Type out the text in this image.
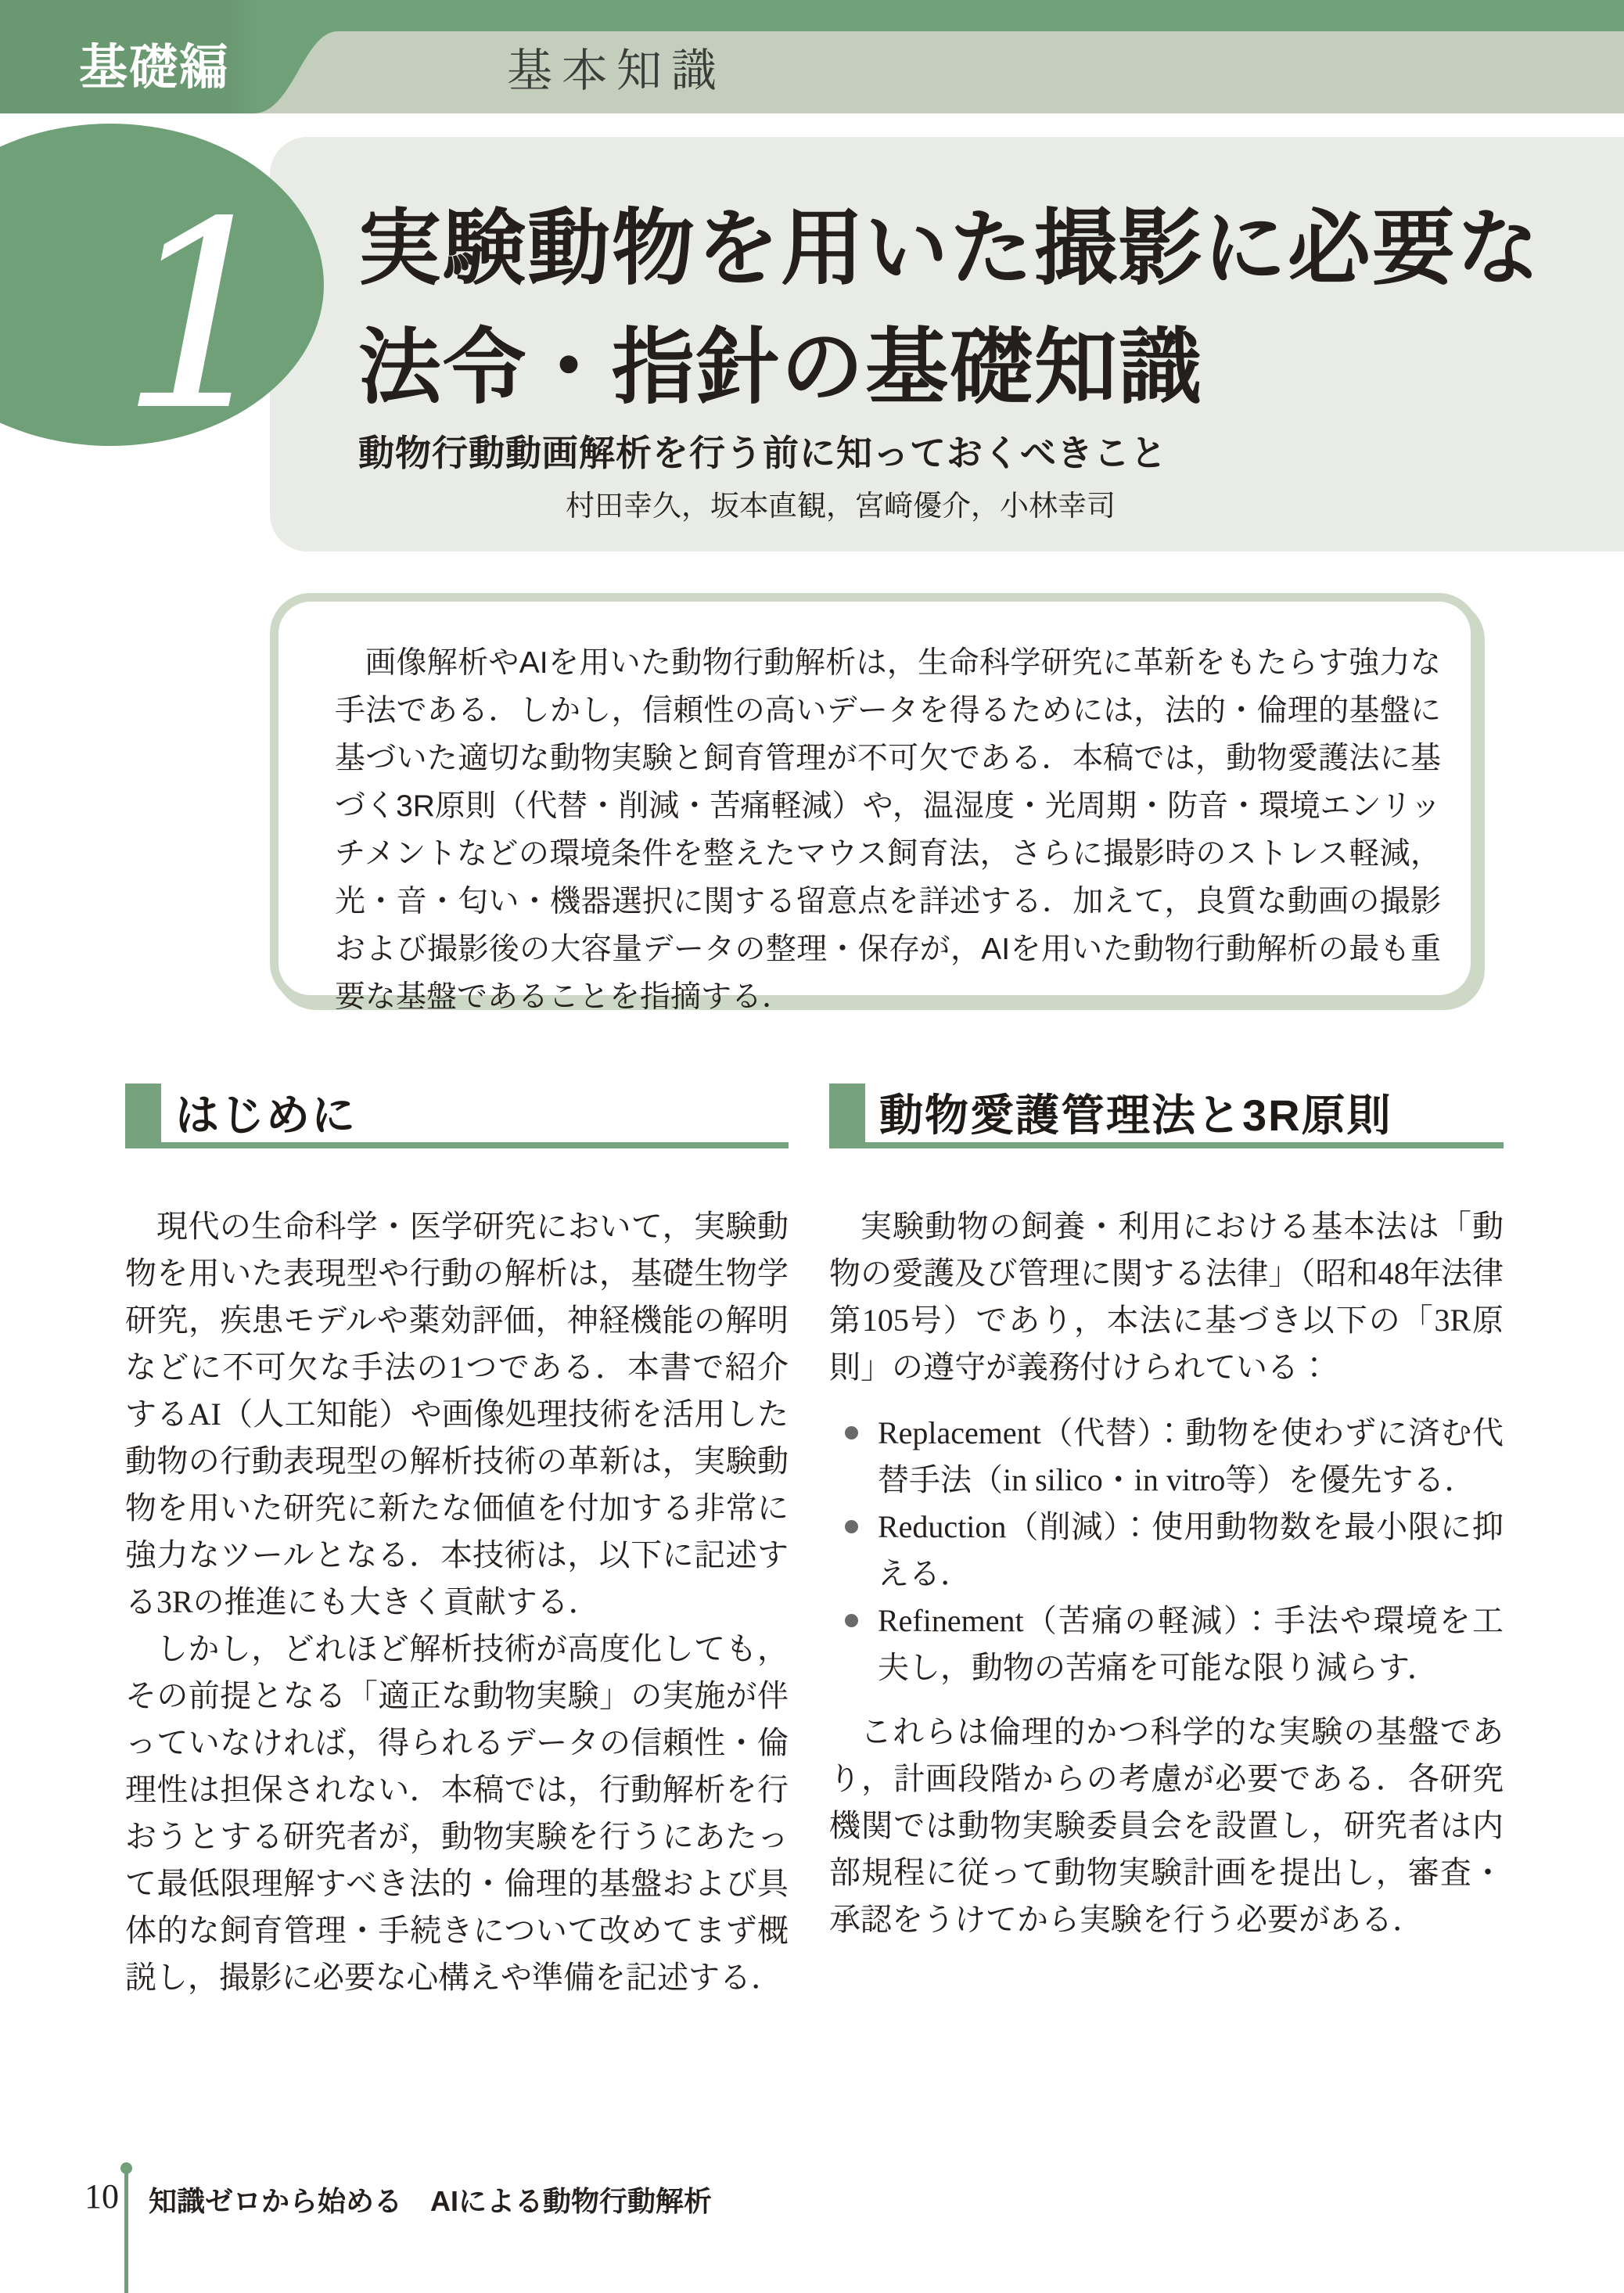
基礎編	基本知識
1 実験動物を用いた撮影に必要な
法令・指針の基礎知識

動物行動動画解析を行う前に知っておくべきこと

村田幸久，坂本直観，宮﨑優介，小林幸司

画像解析やAIを用いた動物行動解析は，生命科学研究に革新をもたらす強力な手法である．しかし，信頼性の高いデータを得るためには，法的・倫理的基盤に基づいた適切な動物実験と飼育管理が不可欠である．本稿では，動物愛護法に基づく3R原則（代替・削減・苦痛軽減）や，温湿度・光周期・防音・環境エンリッチメントなどの環境条件を整えたマウス飼育法，さらに撮影時のストレス軽減，光・音・匂い・機器選択に関する留意点を詳述する．加えて，良質な動画の撮影および撮影後の大容量データの整理・保存が，AIを用いた動物行動解析の最も重要な基盤であることを指摘する．

はじめに

現代の生命科学・医学研究において，実験動物を用いた表現型や行動の解析は，基礎生物学研究，疾患モデルや薬効評価，神経機能の解明などに不可欠な手法の1つである．本書で紹介するAI（人工知能）や画像処理技術を活用した動物の行動表現型の解析技術の革新は，実験動物を用いた研究に新たな価値を付加する非常に強力なツールとなる．本技術は，以下に記述する3Rの推進にも大きく貢献する．

しかし，どれほど解析技術が高度化しても，その前提となる「適正な動物実験」の実施が伴っていなければ，得られるデータの信頼性・倫理性は担保されない．本稿では，行動解析を行おうとする研究者が，動物実験を行うにあたって最低限理解すべき法的・倫理的基盤および具体的な飼育管理・手続きについて改めてまず概説し，撮影に必要な心構えや準備を記述する．

動物愛護管理法と3R原則

実験動物の飼養・利用における基本法は「動物の愛護及び管理に関する法律」（昭和48年法律第105号）であり，本法に基づき以下の「3R原則」の遵守が義務付けられている：

Replacement（代替）：動物を使わずに済む代替手法（in silico・in vitro等）を優先する．
Reduction（削減）：使用動物数を最小限に抑える．
Refinement（苦痛の軽減）：手法や環境を工夫し，動物の苦痛を可能な限り減らす．

これらは倫理的かつ科学的な実験の基盤であり，計画段階からの考慮が必要である．各研究機関では動物実験委員会を設置し，研究者は内部規程に従って動物実験計画を提出し，審査・承認をうけてから実験を行う必要がある．

10 知識ゼロから始める　AIによる動物行動解析
